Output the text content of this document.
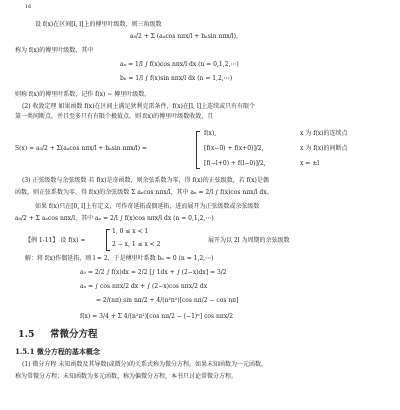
16
设 f(x)在区间[l, l]上的傅里叶级数，则三角级数
a₀/2 + Σ (aₙcos nπx/l + bₙsin nπx/l)，
称为 f(x)的傅里叶级数，其中
aₙ = 1/l ∫ f(x)cos nπx/l dx (n = 0,1,2,⋯)
bₙ = 1/l ∫ f(x)sin nπx/l dx (n = 1,2,⋯)
则称 f(x)的傅里叶系数，记作 f(x) ~ 傅里叶级数。
(2) 收敛定理 如果函数 f(x)在区间上满足狄利克雷条件，f(x)在[l, l]上连续或只有有限个
第一类间断点，并且至多只有有限个极值点，则 f(x)的傅里叶级数收敛，且
S(x) = a₀/2 + Σ(aₙcos nπx/l + bₙsin nπx/l) =
f(x),	x 为 f(x)的连续点
[f(x−0) + f(x+0)]/2,	x 为 f(x)的间断点
[f(−l+0) + f(l−0)]/2,	x = ±l
(3) 正弦级数与余弦级数 若 f(x)是奇函数，则余弦系数为零，得 f(x)的正弦级数，若 f(x)是偶
函数，则正弦系数为零，得 f(x)的余弦级数 Σ aₙcos nπx/l，其中 aₙ = 2/l ∫ f(x)cos nπx/l dx。
如果 f(x)只在[0, l]上有定义，可作奇延拓或偶延拓，进而展开为正弦级数或余弦级数
a₀/2 + Σ aₙcos nπx/l，其中 aₙ = 2/l ∫ f(x)cos nπx/l dx (n = 0,1,2,⋯)
【例 1-11】 设 f(x) =
1, 0 ≤ x < 1
2 − x, 1 ≤ x < 2
展开为以 2l 为周期的余弦级数
解：将 f(x)作偶延拓，则 l = 2，于是傅里叶系数 bₙ = 0 (n = 1,2,⋯)
a₀ = 2/2 ∫ f(x)dx = 2/2 [∫ 1dx + ∫ (2−x)dx] = 3/2
aₙ = ∫ cos nπx/2 dx + ∫ (2−x)cos nπx/2 dx
= 2/(nπ) sin nπ/2 + 4/(n²π²)[cos nπ/2 − cos nπ]
f(x) = 3/4 + Σ 4/(n²π²)[cos nπ/2 − (−1)ⁿ] cos nπx/2
1.5 常微分方程
1.5.1 微分方程的基本概念
(1) 微分方程 未知函数及其导数(或微分)的关系式称为微分方程，如果未知函数为一元函数，
称为常微分方程；未知函数为多元函数，称为偏微分方程，本书只讨论常微分方程。
